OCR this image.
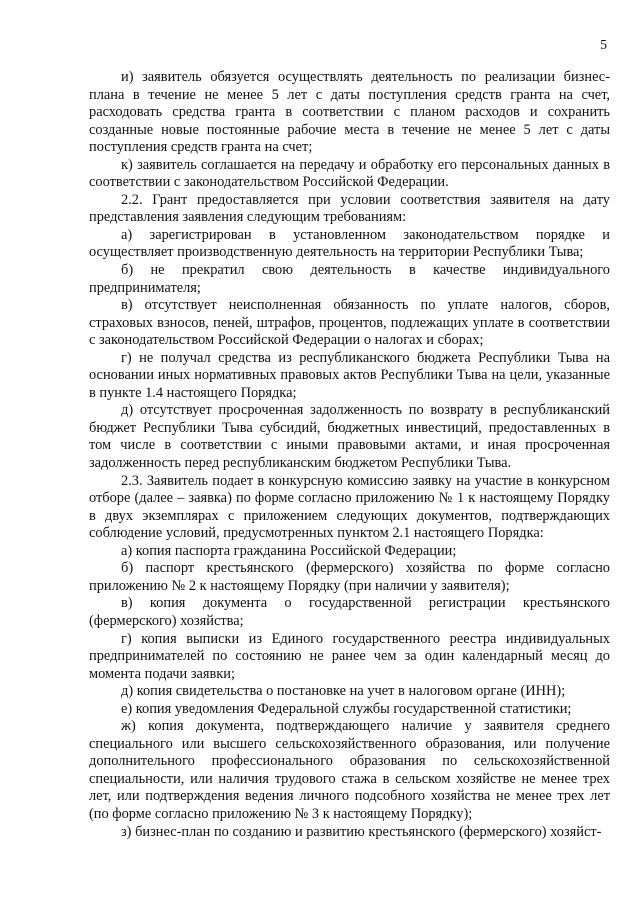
5

и) заявитель обязуется осуществлять деятельность по реализации бизнес-плана в течение не менее 5 лет с даты поступления средств гранта на счет, расходовать средства гранта в соответствии с планом расходов и сохранить созданные новые постоянные рабочие места в течение не менее 5 лет с даты поступления средств гранта на счет;

к) заявитель соглашается на передачу и обработку его персональных данных в соответствии с законодательством Российской Федерации.

2.2. Грант предоставляется при условии соответствия заявителя на дату представления заявления следующим требованиям:

а) зарегистрирован в установленном законодательством порядке и осуществляет производственную деятельность на территории Республики Тыва;

б) не прекратил свою деятельность в качестве индивидуального предпринимателя;

в) отсутствует неисполненная обязанность по уплате налогов, сборов, страховых взносов, пеней, штрафов, процентов, подлежащих уплате в соответствии с законодательством Российской Федерации о налогах и сборах;

г) не получал средства из республиканского бюджета Республики Тыва на основании иных нормативных правовых актов Республики Тыва на цели, указанные в пункте 1.4 настоящего Порядка;

д) отсутствует просроченная задолженность по возврату в республиканский бюджет Республики Тыва субсидий, бюджетных инвестиций, предоставленных в том числе в соответствии с иными правовыми актами, и иная просроченная задолженность перед республиканским бюджетом Республики Тыва.

2.3. Заявитель подает в конкурсную комиссию заявку на участие в конкурсном отборе (далее – заявка) по форме согласно приложению № 1 к настоящему Порядку в двух экземплярах с приложением следующих документов, подтверждающих соблюдение условий, предусмотренных пунктом 2.1 настоящего Порядка:

а) копия паспорта гражданина Российской Федерации;

б) паспорт крестьянского (фермерского) хозяйства по форме согласно приложению № 2 к настоящему Порядку (при наличии у заявителя);

в) копия документа о государственной регистрации крестьянского (фермерского) хозяйства;

г) копия выписки из Единого государственного реестра индивидуальных предпринимателей по состоянию не ранее чем за один календарный месяц до момента подачи заявки;

д) копия свидетельства о постановке на учет в налоговом органе (ИНН);

е) копия уведомления Федеральной службы государственной статистики;

ж) копия документа, подтверждающего наличие у заявителя среднего специального или высшего сельскохозяйственного образования, или получение дополнительного профессионального образования по сельскохозяйственной специальности, или наличия трудового стажа в сельском хозяйстве не менее трех лет, или подтверждения ведения личного подсобного хозяйства не менее трех лет (по форме согласно приложению № 3 к настоящему Порядку);

з) бизнес-план по созданию и развитию крестьянского (фермерского) хозяйст-
